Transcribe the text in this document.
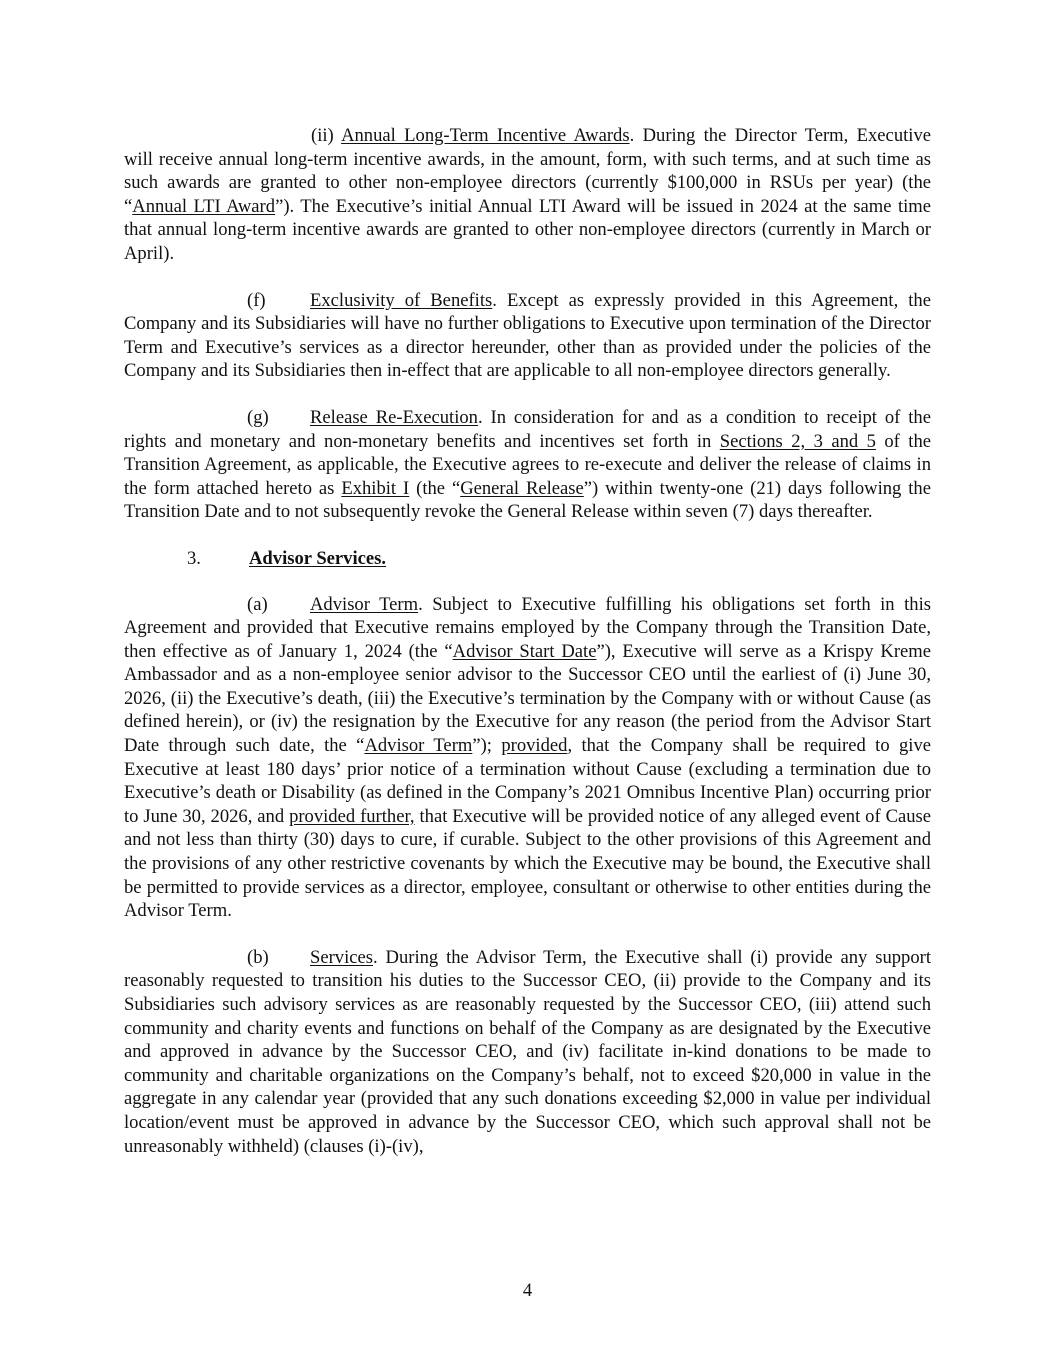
(ii) Annual Long-Term Incentive Awards. During the Director Term, Executive will receive annual long-term incentive awards, in the amount, form, with such terms, and at such time as such awards are granted to other non-employee directors (currently $100,000 in RSUs per year) (the “Annual LTI Award”). The Executive’s initial Annual LTI Award will be issued in 2024 at the same time that annual long-term incentive awards are granted to other non-employee directors (currently in March or April).

(f) Exclusivity of Benefits. Except as expressly provided in this Agreement, the Company and its Subsidiaries will have no further obligations to Executive upon termination of the Director Term and Executive’s services as a director hereunder, other than as provided under the policies of the Company and its Subsidiaries then in-effect that are applicable to all non-employee directors generally.

(g) Release Re-Execution. In consideration for and as a condition to receipt of the rights and monetary and non-monetary benefits and incentives set forth in Sections 2, 3 and 5 of the Transition Agreement, as applicable, the Executive agrees to re-execute and deliver the release of claims in the form attached hereto as Exhibit I (the “General Release”) within twenty-one (21) days following the Transition Date and to not subsequently revoke the General Release within seven (7) days thereafter.

3.	Advisor Services.

(a) Advisor Term. Subject to Executive fulfilling his obligations set forth in this Agreement and provided that Executive remains employed by the Company through the Transition Date, then effective as of January 1, 2024 (the “Advisor Start Date”), Executive will serve as a Krispy Kreme Ambassador and as a non-employee senior advisor to the Successor CEO until the earliest of (i) June 30, 2026, (ii) the Executive’s death, (iii) the Executive’s termination by the Company with or without Cause (as defined herein), or (iv) the resignation by the Executive for any reason (the period from the Advisor Start Date through such date, the “Advisor Term”); provided, that the Company shall be required to give Executive at least 180 days’ prior notice of a termination without Cause (excluding a termination due to Executive’s death or Disability (as defined in the Company’s 2021 Omnibus Incentive Plan) occurring prior to June 30, 2026, and provided further, that Executive will be provided notice of any alleged event of Cause and not less than thirty (30) days to cure, if curable. Subject to the other provisions of this Agreement and the provisions of any other restrictive covenants by which the Executive may be bound, the Executive shall be permitted to provide services as a director, employee, consultant or otherwise to other entities during the Advisor Term.

(b) Services. During the Advisor Term, the Executive shall (i) provide any support reasonably requested to transition his duties to the Successor CEO, (ii) provide to the Company and its Subsidiaries such advisory services as are reasonably requested by the Successor CEO, (iii) attend such community and charity events and functions on behalf of the Company as are designated by the Executive and approved in advance by the Successor CEO, and (iv) facilitate in-kind donations to be made to community and charitable organizations on the Company’s behalf, not to exceed $20,000 in value in the aggregate in any calendar year (provided that any such donations exceeding $2,000 in value per individual location/event must be approved in advance by the Successor CEO, which such approval shall not be unreasonably withheld) (clauses (i)-(iv),

4
